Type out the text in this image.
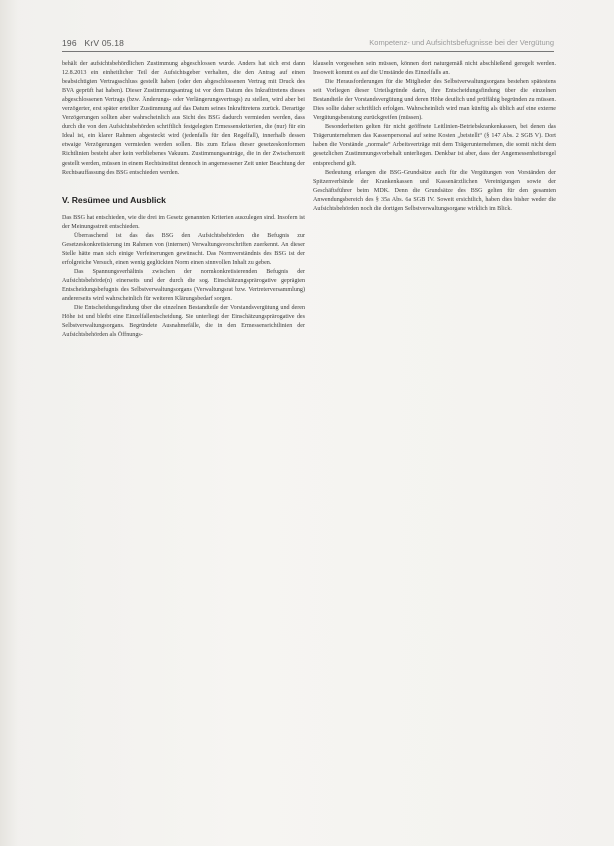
196 KrV 05.18	Kompetenz- und Aufsichtsbefugnisse bei der Vergütung

behält der aufsichtsbehördlichen Zustimmung abgeschlossen wurde. Anders hat sich erst dann 12.8.2013 ein einheitlicher Teil der Aufsichtsgeber verhalten, die den Antrag auf einen beabsichtigten Vertragsschluss gestellt haben (oder den abgeschlossenen Vertrag mit Druck des BVA geprüft hat haben). Dieser Zustimmungsantrag ist vor dem Datum des Inkrafttretens dieses abgeschlossenen Vertrags (bzw. Änderungs- oder Verlängerungsvertrags) zu stellen, wird aber bei verzögerter, erst später erteilter Zustimmung auf das Datum seines Inkrafttretens zurück. Derartige Verzögerungen sollten aber wahrscheinlich aus Sicht des BSG dadurch vermieden werden, dass durch die von den Aufsichtsbehörden schriftlich festgelegten Ermessenskriterien, die (nur) für ein Ideal ist, ein klarer Rahmen abgesteckt wird (jedenfalls für den Regelfall), innerhalb dessen etwaige Verzögerungen vermieden werden sollen. Bis zum Erlass dieser gesetzeskonformen Richtlinien besteht aber kein verbliebenes Vakuum. Zustimmungsanträge, die in der Zwischenzeit gestellt werden, müssen in einem Rechtsinstitut dennoch in angemessener Zeit unter Beachtung der Rechtsauffassung des BSG entschieden werden.

V. Resümee und Ausblick

Das BSG hat entschieden, wie die drei im Gesetz genannten Kriterien auszulegen sind. Insofern ist der Meinungsstreit entschieden.

Überraschend ist das das BSG den Aufsichtsbehörden die Befugnis zur Gesetzeskonkretisierung im Rahmen von (internen) Verwaltungsvorschriften zuerkennt. An dieser Stelle hätte man sich einige Verfeinerungen gewünscht. Das Normverständnis des BSG ist der erfolgreiche Versuch, einen wenig geglückten Norm einen sinnvollen Inhalt zu geben.

Das Spannungsverhältnis zwischen der normkonkretisierenden Befugnis der Aufsichtsbehörde(n) einerseits und der durch die sog. Einschätzungsprärogative geprägten Entscheidungsbefugnis des Selbstverwaltungsorgans (Verwaltungsrat bzw. Vertreterversammlung) andererseits wird wahrscheinlich für weiteren Klärungsbedarf sorgen.

Die Entscheidungsfindung über die einzelnen Bestandteile der Vorstandsvergütung und deren Höhe ist und bleibt eine Einzelfallentscheidung. Sie unterliegt der Einschätzungsprärogative des Selbstverwaltungsorgans. Begründete Ausnahmefälle, die in den Ermessensrichtlinien der Aufsichtsbehörden als Öffnungs-

klauseln vorgesehen sein müssen, können dort naturgemäß nicht abschließend geregelt werden. Insoweit kommt es auf die Umstände des Einzelfalls an.

Die Herausforderungen für die Mitglieder des Selbstverwaltungsorgans bestehen spätestens seit Vorliegen dieser Urteilsgründe darin, ihre Entscheidungsfindung über die einzelnen Bestandteile der Vorstandsvergütung und deren Höhe deutlich und prüffähig begründen zu müssen. Dies sollte daher schriftlich erfolgen. Wahrscheinlich wird man künftig als üblich auf eine externe Vergütungsberatung zurückgreifen (müssen).

Besonderheiten gelten für nicht geöffnete Leitlinien-Betriebskrankenkassen, bei denen das Trägerunternehmen das Kassenpersonal auf seine Kosten „beistellt“ (§ 147 Abs. 2 SGB V). Dort haben die Vorstände „normale“ Arbeitsverträge mit dem Trägerunternehmen, die somit nicht dem gesetzlichen Zustimmungsvorbehalt unterliegen. Denkbar ist aber, dass der Angemessenheitsregel entsprechend gilt.

Bedeutung erlangen die BSG-Grundsätze auch für die Vergütungen von Vorständen der Spitzenverbände der Krankenkassen und Kassenärztlichen Vereinigungen sowie der Geschäftsführer beim MDK. Denn die Grundsätze des BSG gelten für den gesamten Anwendungsbereich des § 35a Abs. 6a SGB IV. Soweit ersichtlich, haben dies bisher weder die Aufsichtsbehörden noch die dortigen Selbstverwaltungsorgane wirklich im Blick.
